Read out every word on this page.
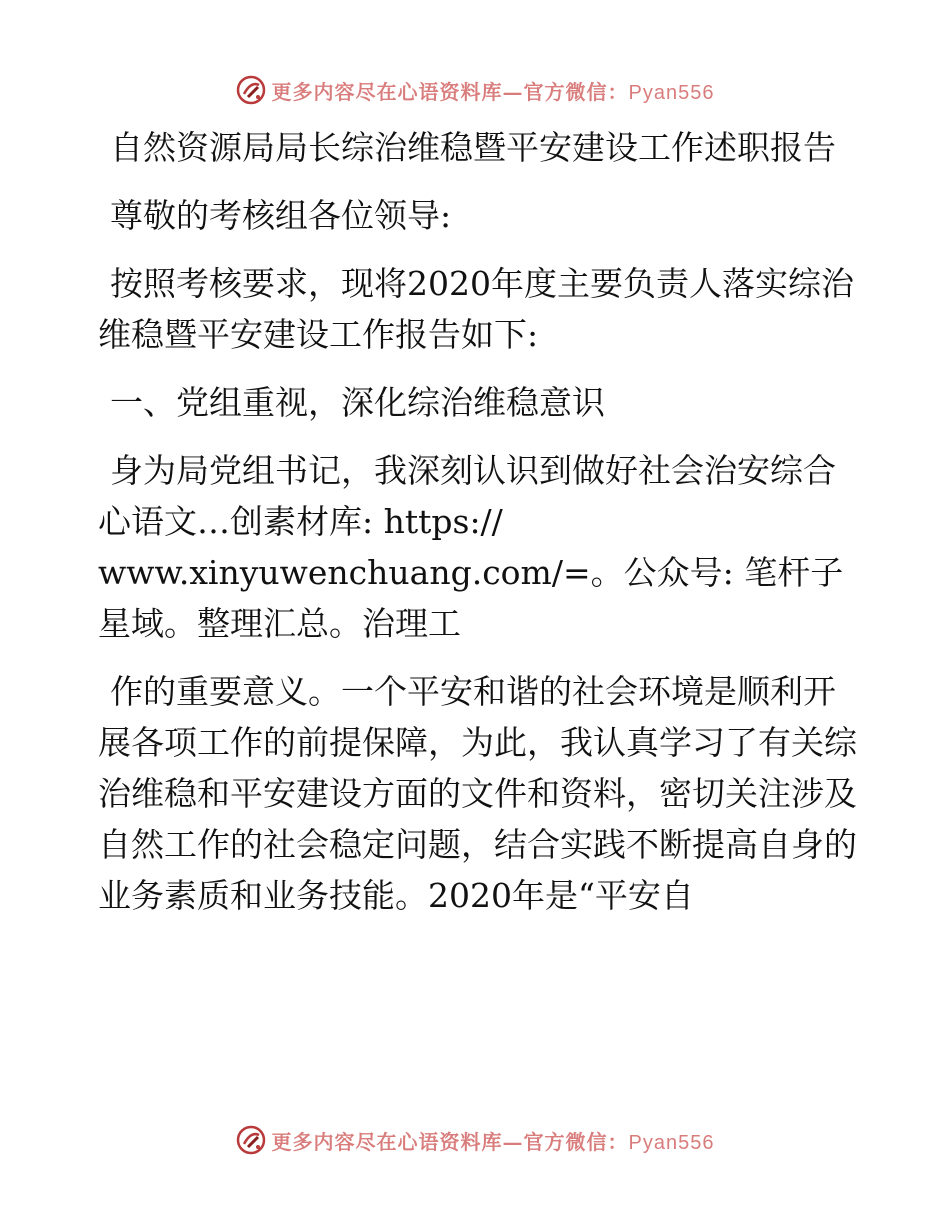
更多内容尽在心语资料库—官方微信：Pyan556

自然资源局局长综治维稳暨平安建设工作述职报告

尊敬的考核组各位领导:

按照考核要求，现将2020年度主要负责人落实综治维稳暨平安建设工作报告如下:

一、党组重视，深化综治维稳意识

身为局党组书记，我深刻认识到做好社会治安综合心语文…创素材库: https://
www.xinyuwenchuang.com/=。公众号: 笔杆子星域。整理汇总。治理工

作的重要意义。一个平安和谐的社会环境是顺利开展各项工作的前提保障，为此，我认真学习了有关综治维稳和平安建设方面的文件和资料，密切关注涉及自然工作的社会稳定问题，结合实践不断提高自身的业务素质和业务技能。2020年是“平安自

更多内容尽在心语资料库—官方微信：Pyan556
